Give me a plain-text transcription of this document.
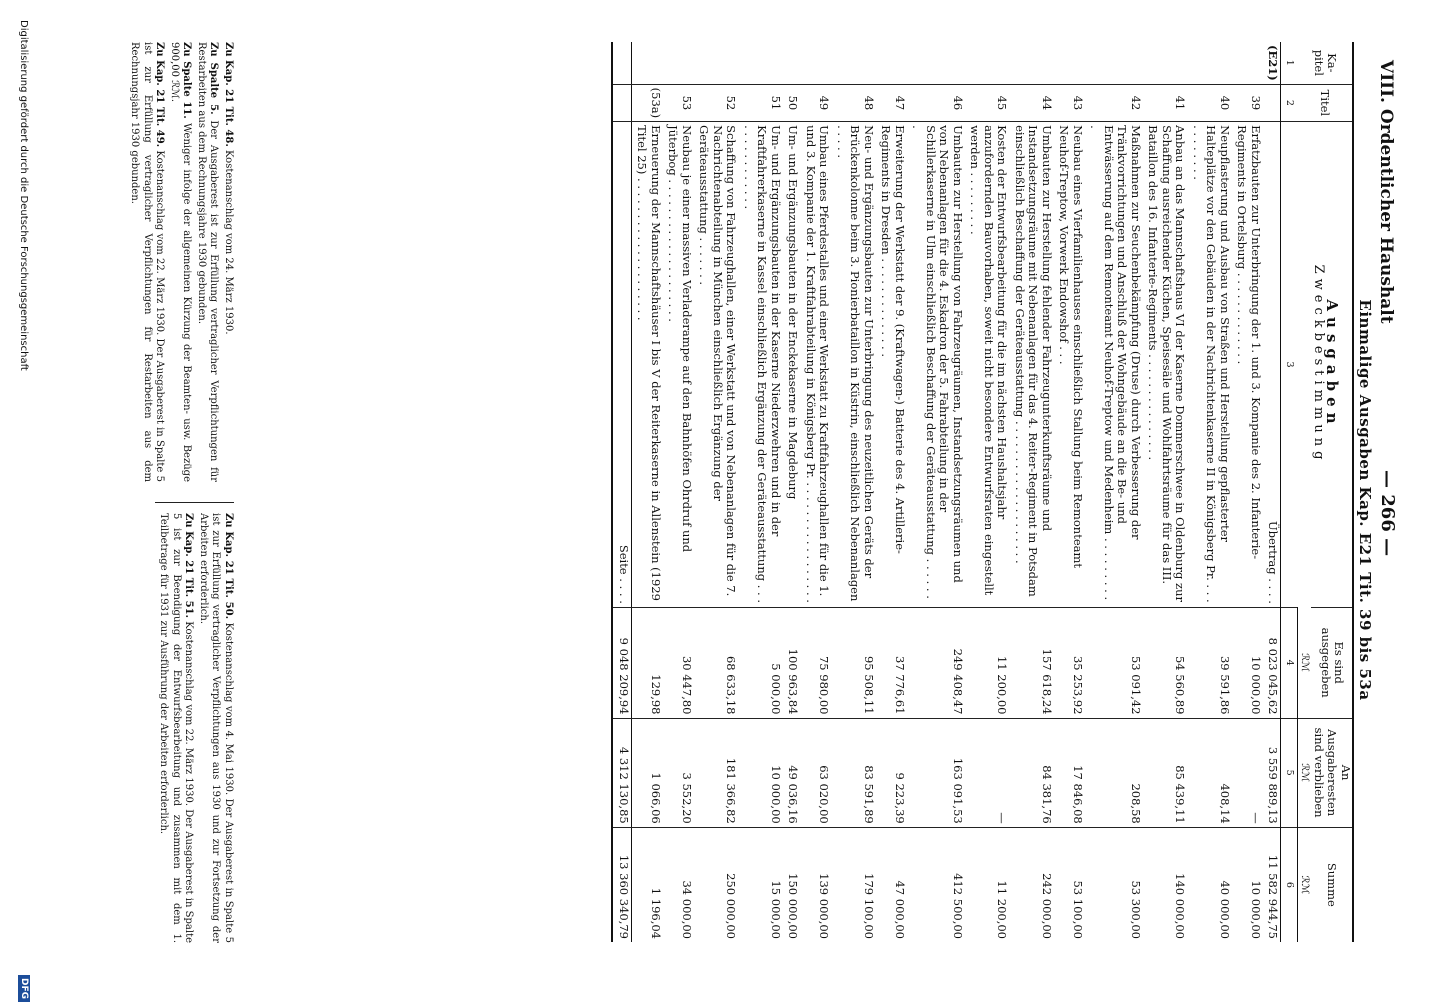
VIII. Ordentlicher Haushalt
— 266 —
Einmalige Ausgaben Kap. E21 Tit. 39 bis 53a
Ka-pitel	Titel	Ausgaben
Zweckbestimmung	Es sind ausgegeben	An Ausgaberesten sind verblieben	Summe
			ℛℳ	ℛℳ	ℛℳ
1	2	3	4	5	6
(E21)		Übertrag . . . .	8 023 045,62	3 559 889,13	11 582 944,75
	39	Erfatzbauten zur Unterbringung der 1. und 3. Kompanie des 2. Infanterie-Regiments in Ortelsburg . . . . . . . . . . . . .	10 000,00	—	10 000,00
	40	Neupflasterung und Ausbau von Straßen und Herstellung gepflasterter Halteplätze vor den Gebäuden in der Nachrichtenkaserne II in Königsberg Pr. . . . . . . . . . . .	39 591,86	408,14	40 000,00
	41	Anbau an das Mannschaftshaus VI der Kaserne Dommerschwee in Oldenburg zur Schaffung ausreichender Küchen, Speisesäle und Wohlfahrtsräume für das III. Bataillon des 16. Infanterie-Regiments . . . . . . . . . . . . . . .	54 560,89	85 439,11	140 000,00
	42	Maßnahmen zur Seuchenbekämpfung (Druse) durch Verbesserung der Tränkvorrichtungen und Anschluß der Wohngebäude an die Be- und Entwässerung auf dem Remonteamt Neuhof-Treptow und Medenheim . . . . . . . . . .	53 091,42	208,58	53 300,00
	43	Neubau eines Vierfamilienhauses einschließlich Stallung beim Remonteamt Neuhof-Treptow, Vorwerk Endowshof . . .	35 253,92	17 846,08	53 100,00
	44	Umbauten zur Herstellung fehlender Fahrzeugunterkunftsräume und Instandsetzungsräume mit Nebenanlagen für das 4. Reiter-Regiment in Potsdam einschließlich Beschaffung der Geräteausstattung . . . . . . . . . . . . . . . . . . . .	157 618,24	84 381,76	242 000,00
	45	Kosten der Entwurfsbearbeitung für die im nächsten Haushaltsjahr anzufordernden Bauvorhaben, soweit nicht besondere Entwurfsraten eingestellt werden . . . . . . . . .	11 200,00	—	11 200,00
	46	Umbauten zur Herstellung von Fahrzeugräumen, Instandsetzungsräumen und von Nebenanlagen für die 4. Eskadron der 5. Fahrabteilung in der Schillerkaserne in Ulm einschließlich Beschaffung der Geräteausstattung . . . . . . .	249 408,47	163 091,53	412 500,00
	47	Erweiterung der Werkstatt der 9. (Kraftwagen-) Batterie des 4. Artillerie-Regiments in Dresden . . . . . . . . . . . . . .	37 776,61	9 223,39	47 000,00
	48	Neu- und Ergänzungsbauten zur Unterbringung des neuzeitlichen Geräts der Brückenkolonne beim 3. Pionierbataillon in Küstrin, einschließlich Nebenanlagen . . . . .	95 508,11	83 591,89	179 100,00
	49	Umbau eines Pferdestalles und einer Werkstatt zu Kraftfahrzeughallen für die 1. und 3. Kompanie der 1. Kraftfahrabteilung in Königsberg Pr. . . . . . . . . . . . . . . . . .	75 980,00	63 020,00	139 000,00
	50	Um- und Ergänzungsbauten in der Enckekaserne in Magdeburg	100 963,84	49 036,16	150 000,00
	51	Um- und Ergänzungsbauten in der Kaserne Niederzwehren und in der Kraftfahrerkaserne in Kassel einschließlich Ergänzung der Geräteausstattung . . . . . . . . . . . . . . .	5 000,00	10 000,00	15 000,00
	52	Schaffung von Fahrzeughallen, einer Werkstatt und von Nebenanlagen für die 7. Nachrichtenabteilung in München einschließlich Ergänzung der Geräteausstattung . . . . . . .	68 633,18	181 366,82	250 000,00
	53	Neubau je einer massiven Verladerampe auf den Bahnhöfen Ohrdruf und Jüterbog . . . . . . . . . . . . . . . . . . . .	30 447,80	3 552,20	34 000,00
	(53a)	Erneuerung der Mannschaftshäuser I bis V der Reiterkaserne in Allenstein (1929 Titel 25) . . . . . . . . . . . . . . . . . . . .	129,98	1 066,06	1 196,04
		Seite . . . .	9 048 209,94	4 312 130,85	13 360 340,79

Zu Kap. 21 Tit. 48. Kostenanschlag vom 24. März 1930.

Zu Spalte 5. Der Ausgaberest ist zur Erfüllung vertraglicher Verpflichtungen für Restarbeiten aus dem Rechnungsjahre 1930 gebunden.

Zu Spalte 11. Weniger infolge der allgemeinen Kürzung der Beamten- usw. Bezüge 900,00 ℛℳ.

Zu Kap. 21 Tit. 49. Kostenanschlag vom 22. März 1930. Der Ausgaberest in Spalte 5 ist zur Erfüllung vertraglicher Verpflichtungen für Restarbeiten aus dem Rechnungsjahr 1930 gebunden.

Zu Kap. 21 Tit. 50. Kostenanschlag vom 4. Mai 1930. Der Ausgaberest in Spalte 5 ist zur Erfüllung vertraglicher Verpflichtungen aus 1930 und zur Fortsetzung der Arbeiten erforderlich.

Zu Kap. 21 Tit. 51. Kostenanschlag vom 22. März 1930. Der Ausgaberest in Spalte 5 ist zur Beendigung der Entwurfsbearbeitung und zusammen mit dem 1. Teilbetrage für 1931 zur Ausführung der Arbeiten erforderlich.

Digitalisierung gefördert durch die Deutsche Forschungsgemeinschaft
DFG
